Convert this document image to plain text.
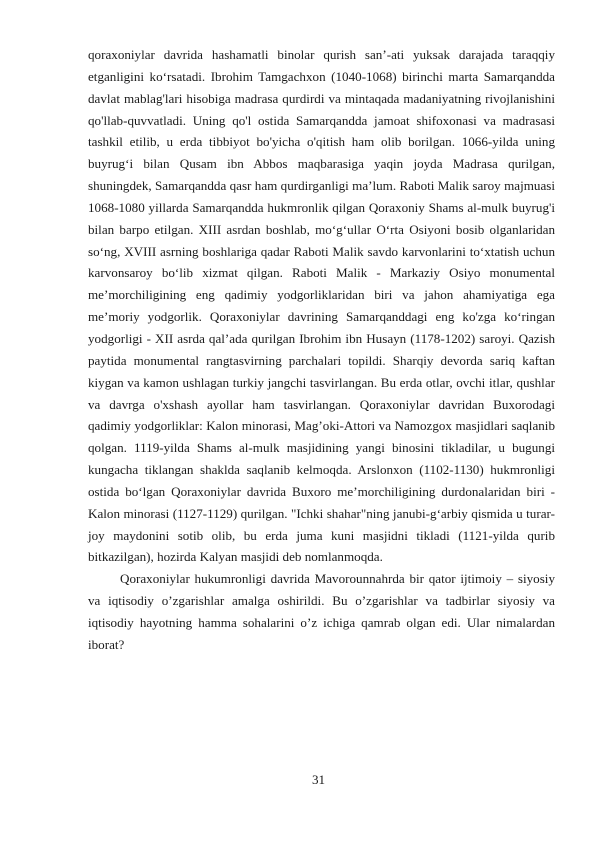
qoraxoniylar davrida hashamatli binolar qurish san’-ati yuksak darajada taraqqiy etganligini ko‘rsatadi. Ibrohim Tamgachxon (1040-1068) birinchi marta Samarqandda davlat mablag'lari hisobiga madrasa qurdirdi va mintaqada madaniyatning rivojlanishini qo'llab-quvvatladi. Uning qo'l ostida Samarqandda jamoat shifoxonasi va madrasasi tashkil etilib, u erda tibbiyot bo'yicha o'qitish ham olib borilgan. 1066-yilda uning buyrug‘i bilan Qusam ibn Abbos maqbarasiga yaqin joyda Madrasa qurilgan, shuningdek, Samarqandda qasr ham qurdirganligi ma’lum. Raboti Malik saroy majmuasi 1068-1080 yillarda Samarqandda hukmronlik qilgan Qoraxoniy Shams al-mulk buyrug'i bilan barpo etilgan. XIII asrdan boshlab, mo‘g‘ullar O‘rta Osiyoni bosib olganlaridan so‘ng, XVIII asrning boshlariga qadar Raboti Malik savdo karvonlarini to‘xtatish uchun karvonsaroy bo‘lib xizmat qilgan. Raboti Malik - Markaziy Osiyo monumental me’morchiligining eng qadimiy yodgorliklaridan biri va jahon ahamiyatiga ega me’moriy yodgorlik. Qoraxoniylar davrining Samarqanddagi eng ko'zga ko‘ringan yodgorligi - XII asrda qal’ada qurilgan Ibrohim ibn Husayn (1178-1202) saroyi. Qazish paytida monumental rangtasvirning parchalari topildi. Sharqiy devorda sariq kaftan kiygan va kamon ushlagan turkiy jangchi tasvirlangan. Bu erda otlar, ovchi itlar, qushlar va davrga o'xshash ayollar ham tasvirlangan. Qoraxoniylar davridan Buxorodagi qadimiy yodgorliklar: Kalon minorasi, Mag’oki-Attori va Namozgox masjidlari saqlanib qolgan. 1119-yilda Shams al-mulk masjidining yangi binosini tikladilar, u bugungi kungacha tiklangan shaklda saqlanib kelmoqda. Arslonxon (1102-1130) hukmronligi ostida bo‘lgan Qoraxoniylar davrida Buxoro me’morchiligining durdonalaridan biri - Kalon minorasi (1127-1129) qurilgan. "Ichki shahar"ning janubi-g‘arbiy qismida u turar-joy maydonini sotib olib, bu erda juma kuni masjidni tikladi (1121-yilda qurib bitkazilgan), hozirda Kalyan masjidi deb nomlanmoqda.

Qoraxoniylar hukumronligi davrida Mavorounnahrda bir qator ijtimoiy – siyosiy va iqtisodiy o’zgarishlar amalga oshirildi. Bu o’zgarishlar va tadbirlar siyosiy va iqtisodiy hayotning hamma sohalarini o’z ichiga qamrab olgan edi. Ular nimalardan iborat?

31
